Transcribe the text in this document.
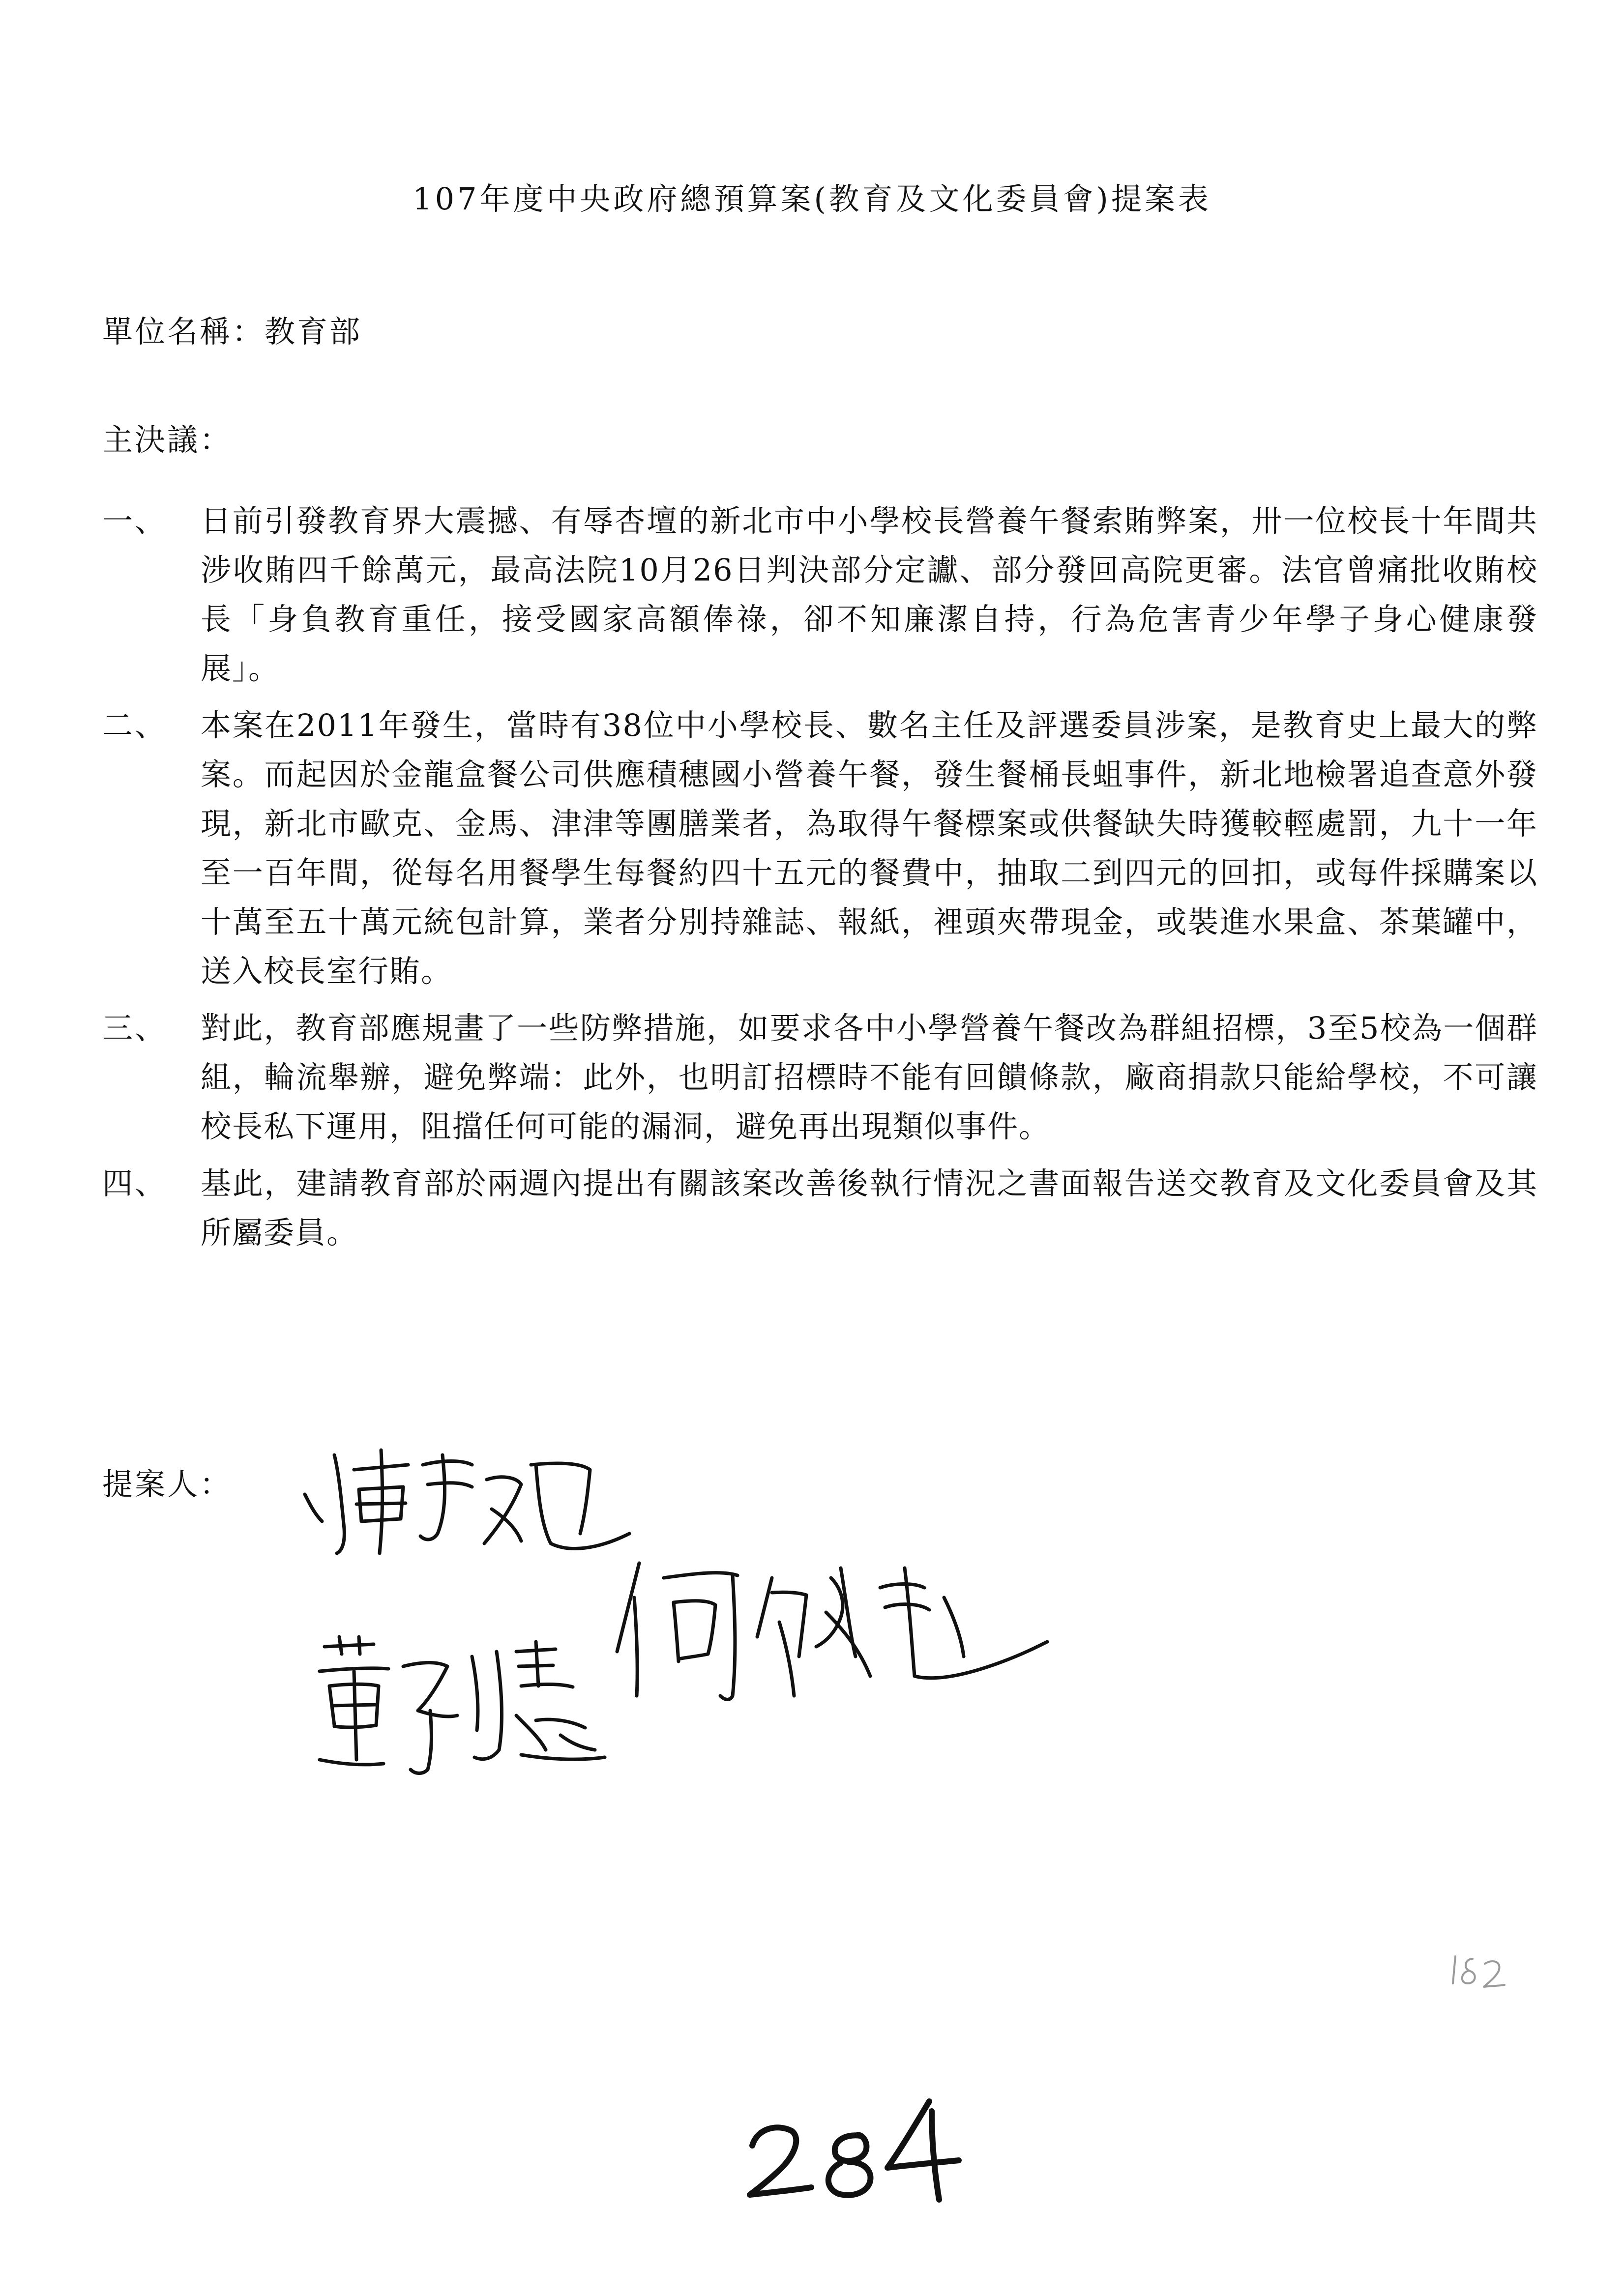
107年度中央政府總預算案(教育及文化委員會)提案表
單位名稱：教育部
主決議：
一、 日前引發教育界大震撼、有辱杏壇的新北市中小學校長營養午餐索賄弊案，卅一位校長十年間共涉收賄四千餘萬元，最高法院10月26日判決部分定讞、部分發回高院更審。法官曾痛批收賄校長「身負教育重任，接受國家高額俸祿，卻不知廉潔自持，行為危害青少年學子身心健康發展」。
二、 本案在2011年發生，當時有38位中小學校長、數名主任及評選委員涉案，是教育史上最大的弊案。而起因於金龍盒餐公司供應積穗國小營養午餐，發生餐桶長蛆事件，新北地檢署追查意外發現，新北市歐克、金馬、津津等團膳業者，為取得午餐標案或供餐缺失時獲較輕處罰，九十一年至一百年間，從每名用餐學生每餐約四十五元的餐費中，抽取二到四元的回扣，或每件採購案以十萬至五十萬元統包計算，業者分別持雜誌、報紙，裡頭夾帶現金，或裝進水果盒、茶葉罐中，送入校長室行賄。
三、 對此，教育部應規畫了一些防弊措施，如要求各中小學營養午餐改為群組招標，3至5校為一個群組，輪流舉辦，避免弊端：此外，也明訂招標時不能有回饋條款，廠商捐款只能給學校，不可讓校長私下運用，阻擋任何可能的漏洞，避免再出現類似事件。
四、 基此，建請教育部於兩週內提出有關該案改善後執行情況之書面報告送交教育及文化委員會及其所屬委員。
提案人：
